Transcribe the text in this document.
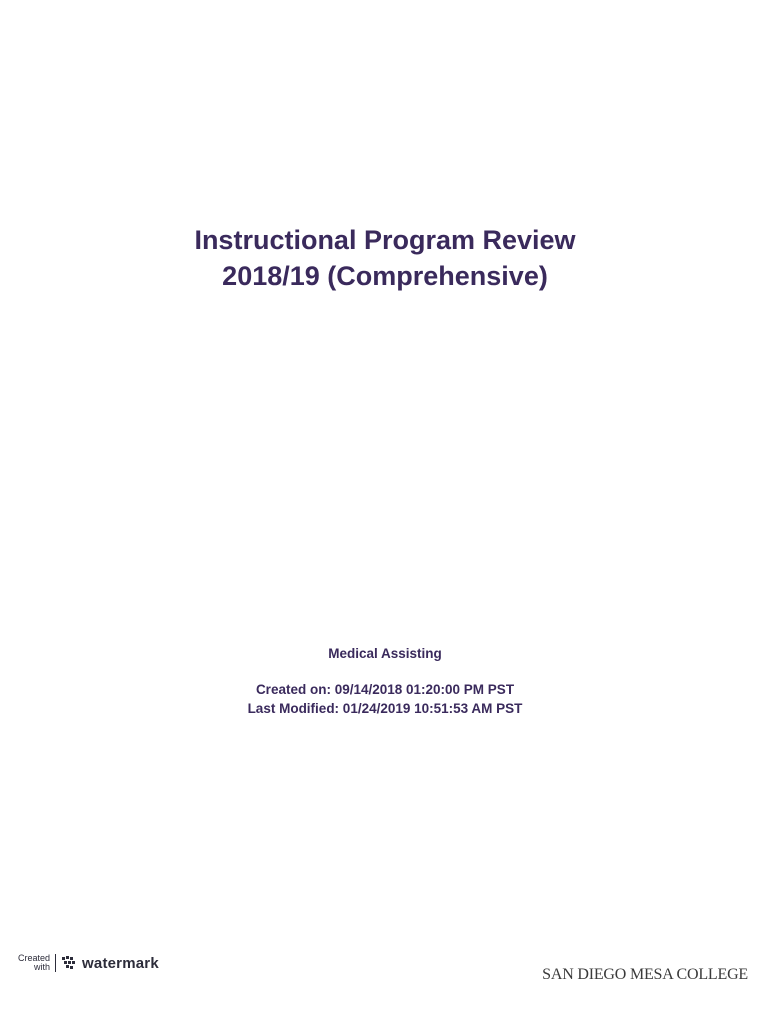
Instructional Program Review
2018/19 (Comprehensive)
Medical Assisting
Created on: 09/14/2018 01:20:00 PM PST
Last Modified: 01/24/2019 10:51:53 AM PST
Created
with watermark
SAN DIEGO MESA COLLEGE
